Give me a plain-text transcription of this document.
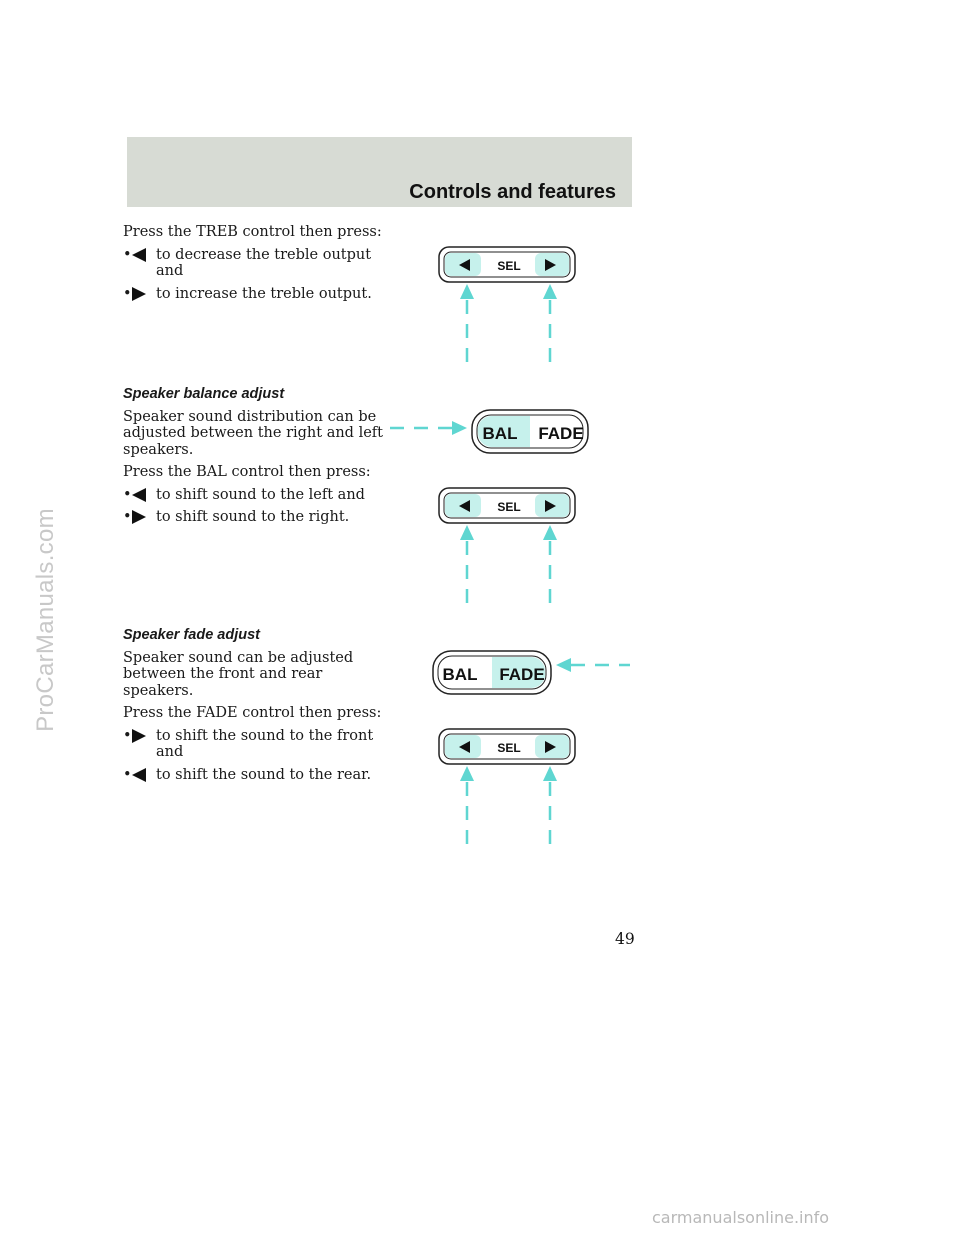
Controls and features

Press the TREB control then press:

• to decrease the treble output and
• to increase the treble output.

Speaker balance adjust

Speaker sound distribution can be adjusted between the right and left speakers.

Press the BAL control then press:

• to shift sound to the left and
• to shift sound to the right.

Speaker fade adjust

Speaker sound can be adjusted between the front and rear speakers.

Press the FADE control then press:

• to shift the sound to the front and
• to shift the sound to the rear.
SEL
BAL FADE
SEL
BAL FADE
SEL
49
ProCarManuals.com
carmanualsonline.info
